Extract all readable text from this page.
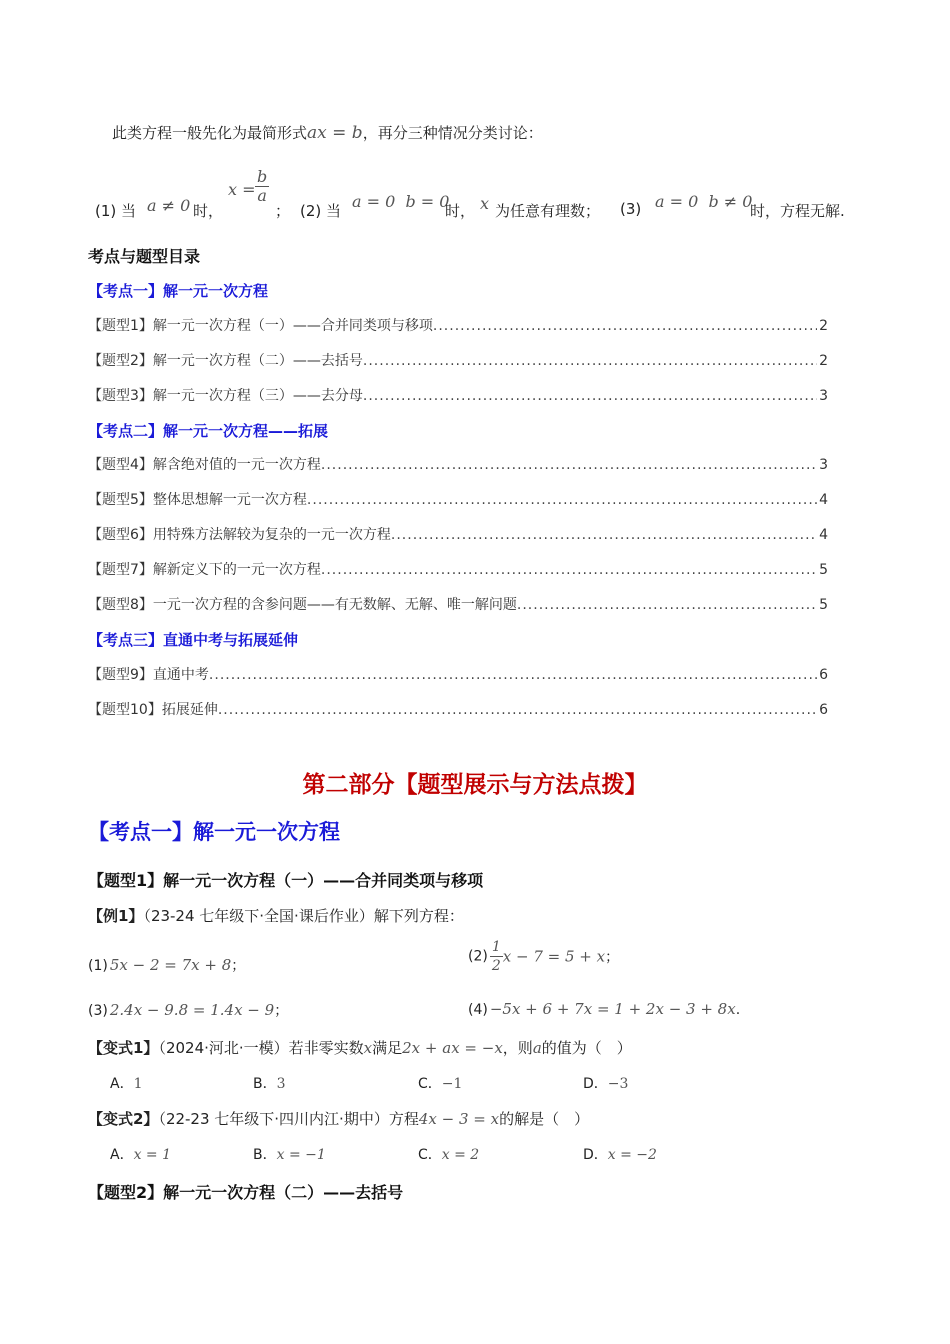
此类方程一般先化为最简形式ax = b，再分三种情况分类讨论：
(1) 当 a ≠ 0 时，
$x = \frac{b}{a}$
； (2) 当 a = 0  b = 0
时， x 为任意有理数； (3) a = 0  b ≠ 0
时，方程无解.
考点与题型目录
【考点一】解一元一次方程
【题型1】解一元一次方程（一）——合并同类项与移项 .....	2
【题型2】解一元一次方程（二）——去括号 .....	2
【题型3】解一元一次方程（三）——去分母 .....	3
【考点二】解一元一次方程——拓展
【题型4】解含绝对值的一元一次方程 .....	3
【题型5】整体思想解一元一次方程 .....	4
【题型6】用特殊方法解较为复杂的一元一次方程 .....	4
【题型7】解新定义下的一元一次方程 .....	5
【题型8】一元一次方程的含参问题——有无数解、无解、唯一解问题 .....	5
【考点三】直通中考与拓展延伸
【题型9】直通中考 .....	6
【题型10】拓展延伸 .....	6
第二部分【题型展示与方法点拨】
【考点一】解一元一次方程
【题型1】解一元一次方程（一）——合并同类项与移项
【例1】（23-24 七年级下·全国·课后作业）解下列方程：
(1) 5x − 2 = 7x + 8；
$(2) \frac{1}{2}$ x − 7 = 5 + x；
(3) 2.4x − 9.8 = 1.4x − 9；	(4) −5x + 6 + 7x = 1 + 2x − 3 + 8x.
【变式1】（2024·河北·一模）若非零实数x满足2x + ax = −x，则a的值为（　）
A．1	B．3	C．−1	D．−3
【变式2】（22-23 七年级下·四川内江·期中）方程4x − 3 = x的解是（　）
A．x = 1	B．x = −1	C．x = 2	D．x = −2
【题型2】解一元一次方程（二）——去括号
